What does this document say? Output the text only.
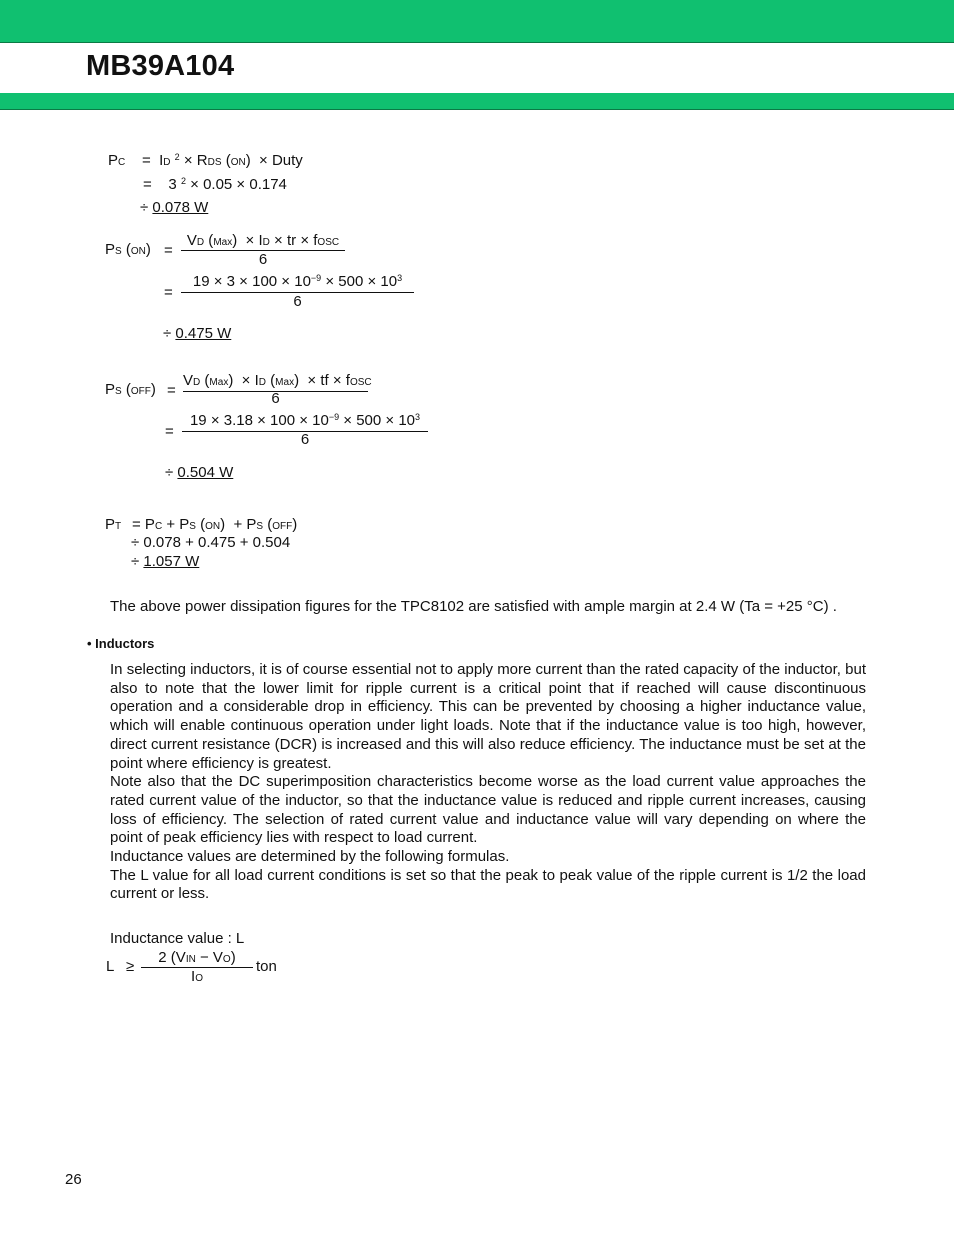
MB39A104
PC =  ID $^2$ × RDS (ON)  × Duty
=    3 $^2$ × 0.05 × 0.174
÷ 0.078 W
PS (ON) =
VD (Max)  × ID × tr × fOSC
6
=
$19 \times 3 \times 100 \times 10^{-9} \times 500 \times 10^3$
6
÷ 0.475 W
PS (OFF) =
VD (Max)  × ID (Max)  × tf × fOSC
6
=
$19 \times 3.18 \times 100 \times 10^{-9} \times 500 \times 10^3$
6
÷ 0.504 W
PT = PC + PS (ON)  + PS (OFF)
÷ 0.078 + 0.475 + 0.504
÷ 1.057 W
The above power dissipation figures for the TPC8102 are satisfied with ample margin at 2.4 W (Ta = +25 °C) .
• Inductors

In selecting inductors, it is of course essential not to apply more current than the rated capacity of the inductor, but also to note that the lower limit for ripple current is a critical point that if reached will cause discontinuous operation and a considerable drop in efficiency. This can be prevented by choosing a higher inductance value, which will enable continuous operation under light loads. Note that if the inductance value is too high, however, direct current resistance (DCR) is increased and this will also reduce efficiency. The inductance must be set at the point where efficiency is greatest.

Note also that the DC superimposition characteristics become worse as the load current value approaches the rated current value of the inductor, so that the inductance value is reduced and ripple current increases, causing loss of efficiency. The selection of rated current value and inductance value will vary depending on where the point of peak efficiency lies with respect to load current.

Inductance values are determined by the following formulas.

The L value for all load current conditions is set so that the peak to peak value of the ripple current is 1/2 the load current or less.

Inductance value : L
L ≥
2 (VIN − VO)
IO
ton
26
